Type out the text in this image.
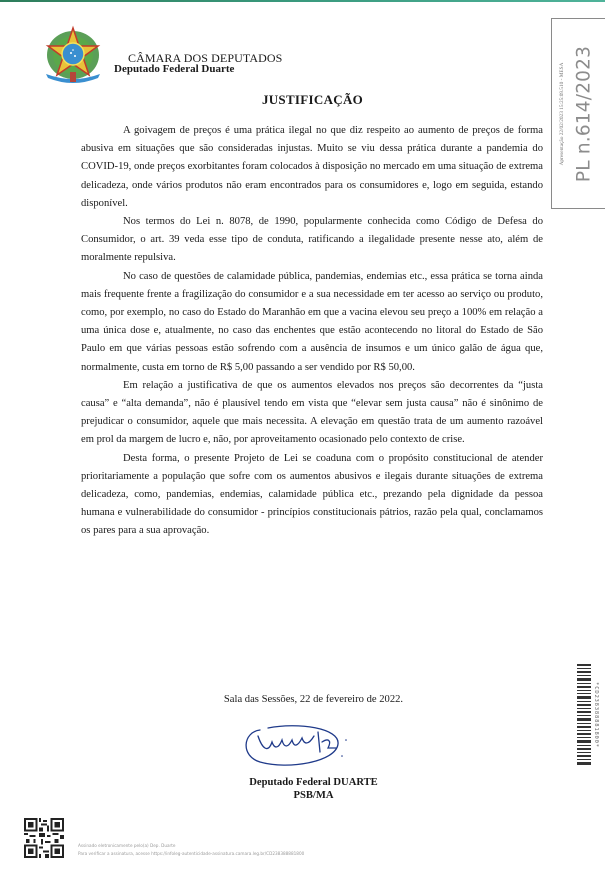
CÂMARA DOS DEPUTADOS
Deputado Federal Duarte
JUSTIFICAÇÃO	Apresentação 22/02/2023 15:25:09.510 - MESA PL n.614/2023

A goivagem de preços é uma prática ilegal no que diz respeito ao aumento de preços de forma abusiva em situações que são consideradas injustas. Muito se viu dessa prática durante a pandemia do COVID-19, onde preços exorbitantes foram colocados à disposição no mercado em uma situação de extrema delicadeza, onde vários produtos não eram encontrados para os consumidores e, logo em seguida, estando disponível.

Nos termos do Lei n. 8078, de 1990, popularmente conhecida como Código de Defesa do Consumidor, o art. 39 veda esse tipo de conduta, ratificando a ilegalidade presente nesse ato, além de moralmente repulsiva.

No caso de questões de calamidade pública, pandemias, endemias etc., essa prática se torna ainda mais frequente frente a fragilização do consumidor e a sua necessidade em ter acesso ao serviço ou produto, como, por exemplo, no caso do Estado do Maranhão em que a vacina elevou seu preço a 100% em relação a uma única dose e, atualmente, no caso das enchentes que estão acontecendo no litoral do Estado de São Paulo em que várias pessoas estão sofrendo com a ausência de insumos e um único galão de água que, normalmente, custa em torno de R$ 5,00 passando a ser vendido por R$ 50,00.

Em relação a justificativa de que os aumentos elevados nos preços são decorrentes da “justa causa” e “alta demanda”, não é plausível tendo em vista que “elevar sem justa causa” não é sinônimo de prejudicar o consumidor, aquele que mais necessita. A elevação em questão trata de um aumento razoável em prol da margem de lucro e, não, por aproveitamento ocasionado pelo contexto de crise.

Desta forma, o presente Projeto de Lei se coaduna com o propósito constitucional de atender prioritariamente a população que sofre com os aumentos abusivos e ilegais durante situações de extrema delicadeza, como, pandemias, endemias, calamidade pública etc., prezando pela dignidade da pessoa humana e vulnerabilidade do consumidor - princípios constitucionais pátrios, razão pela qual, conclamamos os pares para a sua aprovação.

*CD238388881800*
Sala das Sessões, 22 de fevereiro de 2022.
Deputado Federal DUARTE
PSB/MA
Assinado eletronicamente pelo(a) Dep. Duarte
Para verificar a assinatura, acesse https://infoleg-autenticidade-assinatura.camara.leg.br/CD238388881800
